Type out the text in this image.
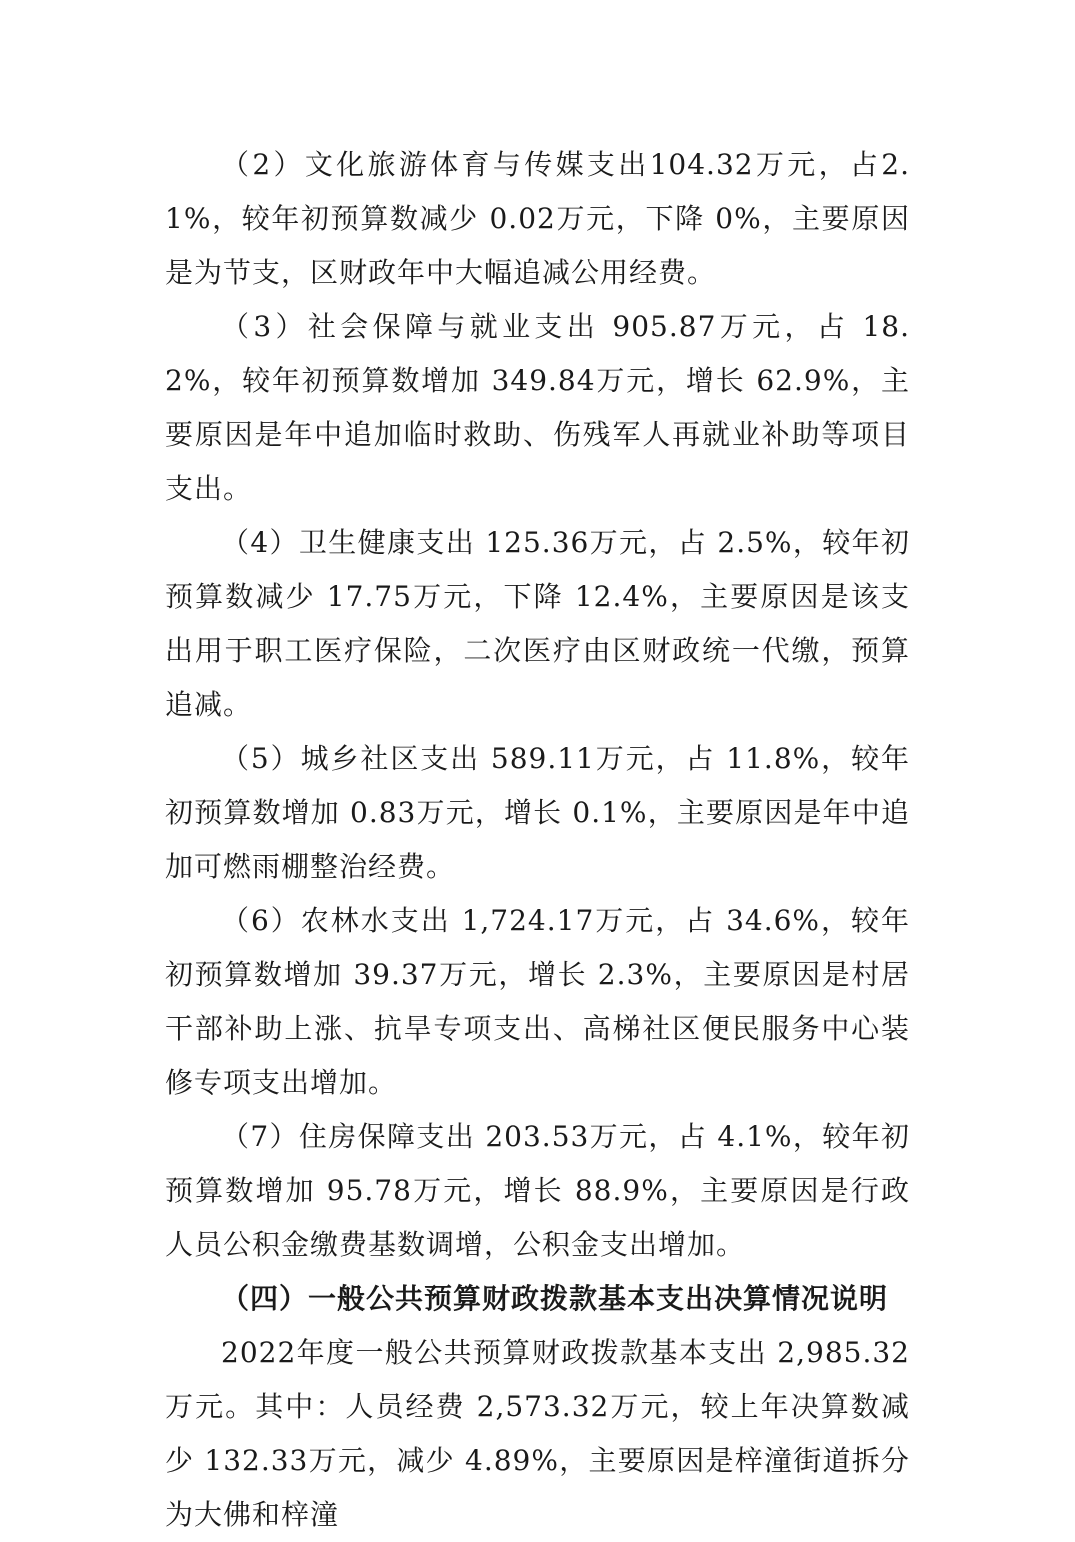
（2）文化旅游体育与传媒支出104.32万元，占2.1%，较年初预算数减少 0.02万元，下降 0%，主要原因是为节支，区财政年中大幅追减公用经费。

（3）社会保障与就业支出 905.87万元，占 18.2%，较年初预算数增加 349.84万元，增长 62.9%，主要原因是年中追加临时救助、伤残军人再就业补助等项目支出。

（4）卫生健康支出 125.36万元，占 2.5%，较年初预算数减少 17.75万元，下降 12.4%，主要原因是该支出用于职工医疗保险，二次医疗由区财政统一代缴，预算追减。

（5）城乡社区支出 589.11万元，占 11.8%，较年初预算数增加 0.83万元，增长 0.1%，主要原因是年中追加可燃雨棚整治经费。

（6）农林水支出 1,724.17万元，占 34.6%，较年初预算数增加 39.37万元，增长 2.3%，主要原因是村居干部补助上涨、抗旱专项支出、高梯社区便民服务中心装修专项支出增加。

（7）住房保障支出 203.53万元，占 4.1%，较年初预算数增加 95.78万元，增长 88.9%，主要原因是行政人员公积金缴费基数调增，公积金支出增加。

（四）一般公共预算财政拨款基本支出决算情况说明

2022年度一般公共预算财政拨款基本支出 2,985.32万元。其中：人员经费 2,573.32万元，较上年决算数减少 132.33万元，减少 4.89%，主要原因是梓潼街道拆分为大佛和梓潼
